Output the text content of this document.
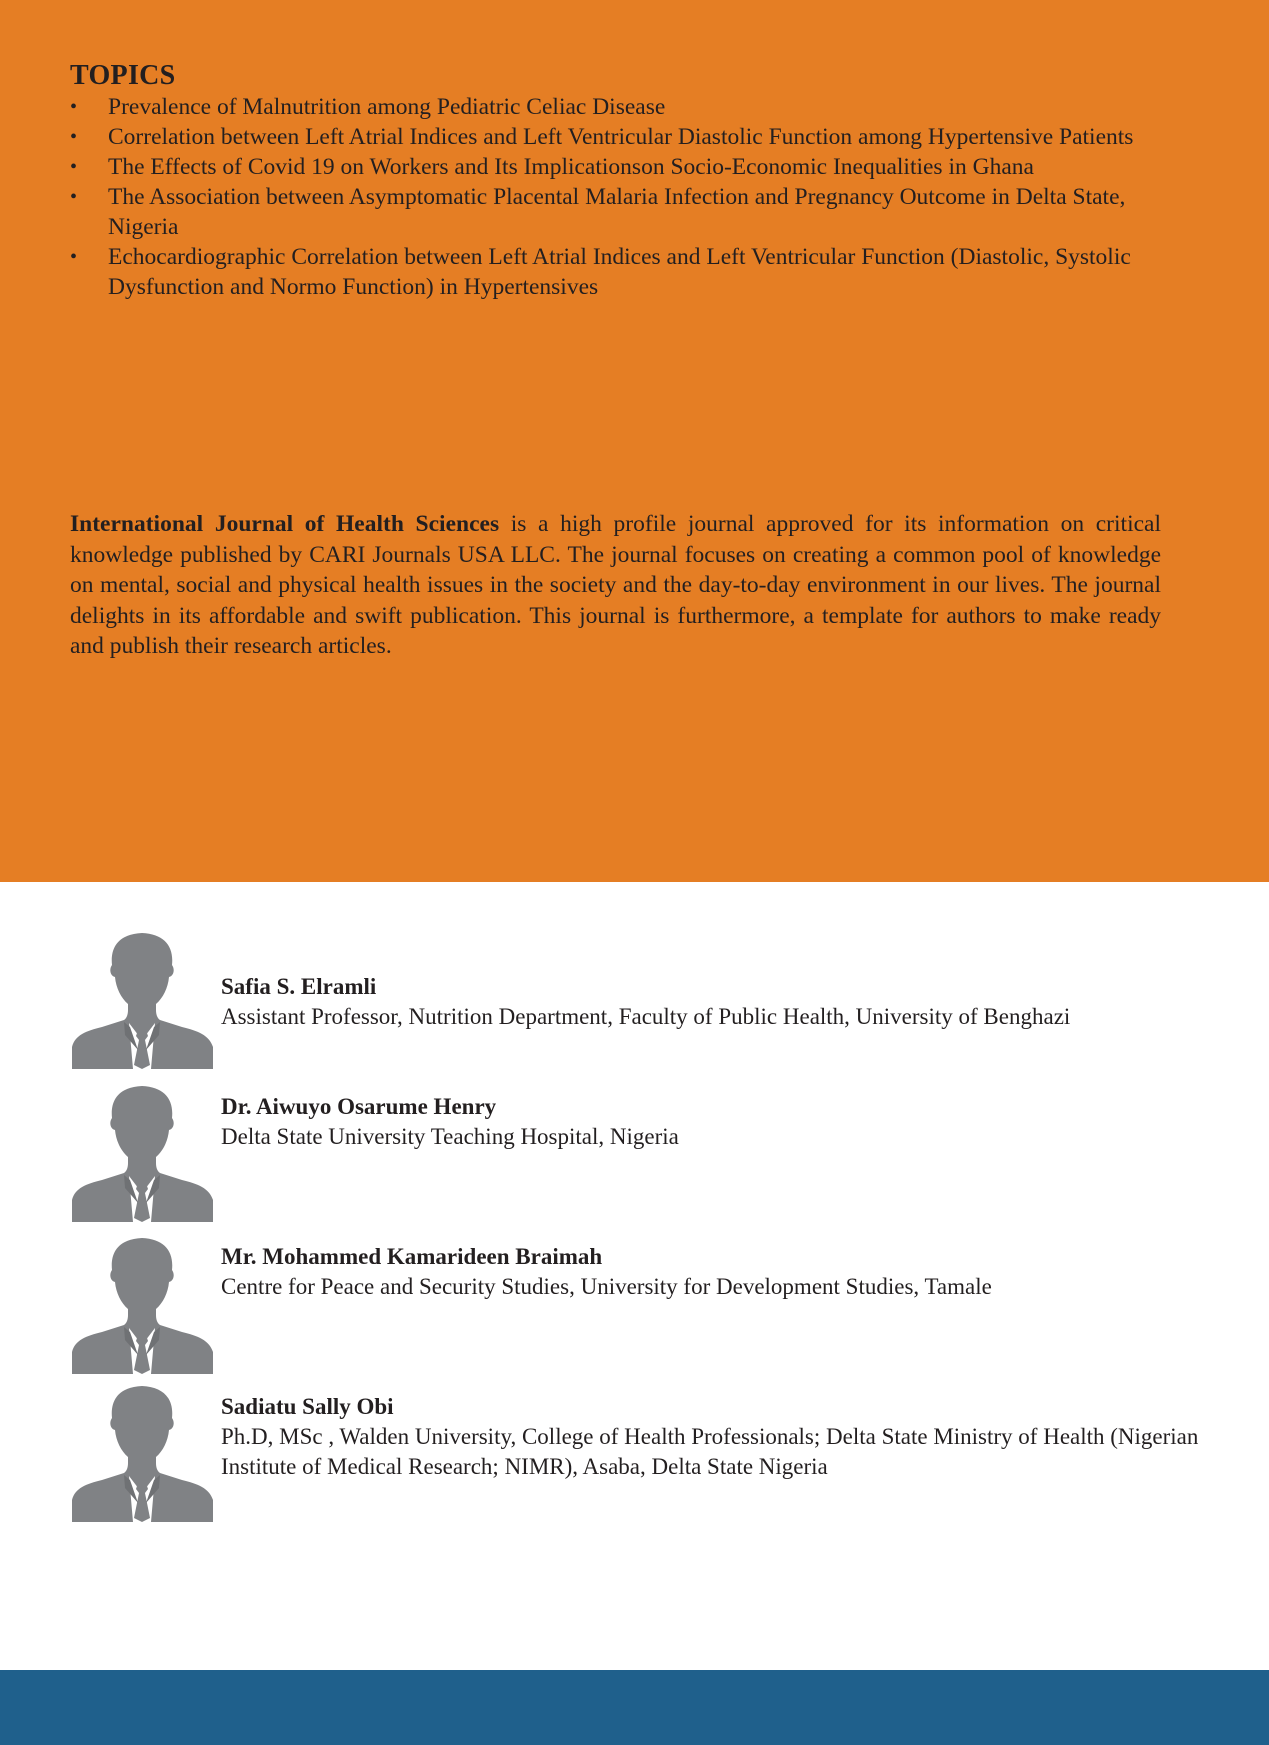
TOPICS
• Prevalence of Malnutrition among Pediatric Celiac Disease
• Correlation between Left Atrial Indices and Left Ventricular Diastolic Function among Hypertensive Patients
• The Effects of Covid 19 on Workers and Its Implicationson Socio-Economic Inequalities in Ghana
• The Association between Asymptomatic Placental Malaria Infection and Pregnancy Outcome in Delta State, Nigeria
• Echocardiographic Correlation between Left Atrial Indices and Left Ventricular Function (Diastolic, Systolic Dysfunction and Normo Function) in Hypertensives

International Journal of Health Sciences is a high profile journal approved for its information on critical knowledge published by CARI Journals USA LLC. The journal focuses on creating a common pool of knowledge on mental, social and physical health issues in the society and the day-to-day environment in our lives. The journal delights in its affordable and swift publication. This journal is furthermore, a template for authors to make ready and publish their research articles.

Safia S. Elramli
Assistant Professor, Nutrition Department, Faculty of Public Health, University of Benghazi
Dr. Aiwuyo Osarume Henry
Delta State University Teaching Hospital, Nigeria
Mr. Mohammed Kamarideen Braimah
Centre for Peace and Security Studies, University for Development Studies, Tamale
Sadiatu Sally Obi
Ph.D, MSc , Walden University, College of Health Professionals; Delta State Ministry of Health (Nigerian Institute of Medical Research; NIMR), Asaba, Delta State Nigeria
